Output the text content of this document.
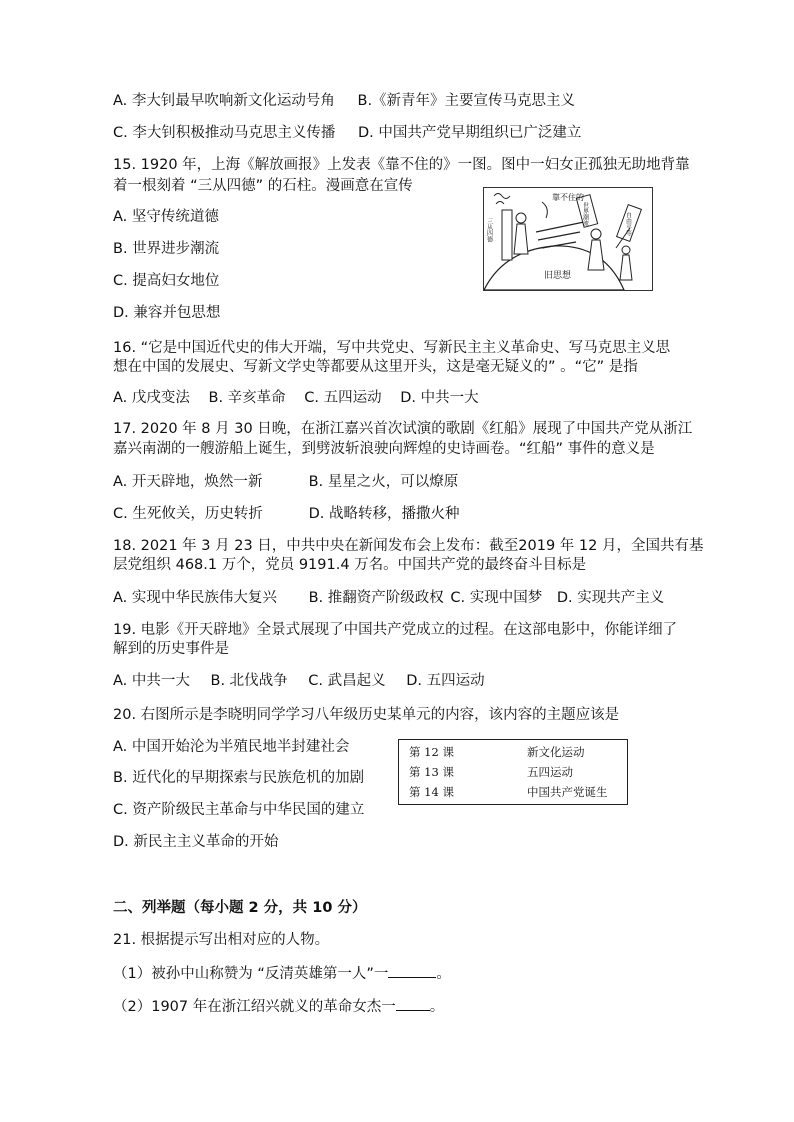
A. 李大钊最早吹响新文化运动号角 B.《新青年》主要宣传马克思主义
C. 李大钊积极推动马克思主义传播 D. 中国共产党早期组织已广泛建立
15. 1920 年，上海《解放画报》上发表《靠不住的》一图。图中一妇女正孤独无助地背靠
着一根刻着 “三从四德” 的石柱。漫画意在宣传
A. 坚守传统道德
B. 世界进步潮流
C. 提高妇女地位
D. 兼容并包思想
靠不住的
三从四德
世界潮流	自由平等
旧思想
16. “它是中国近代史的伟大开端，写中共党史、写新民主主义革命史、写马克思主义思
想在中国的发展史、写新文学史等都要从这里开头，这是毫无疑义的” 。“它” 是指
A. 戊戌变法 B. 辛亥革命 C. 五四运动 D. 中共一大
17. 2020 年 8 月 30 日晚，在浙江嘉兴首次试演的歌剧《红船》展现了中国共产党从浙江
嘉兴南湖的一艘游船上诞生，到劈波斩浪驶向辉煌的史诗画卷。“红船” 事件的意义是
A. 开天辟地，焕然一新	B. 星星之火，可以燎原
C. 生死攸关，历史转折	D. 战略转移，播撒火种
18. 2021 年 3 月 23 日，中共中央在新闻发布会上发布：截至2019 年 12 月，全国共有基
层党组织 468.1 万个，党员 9191.4 万名。中国共产党的最终奋斗目标是
A. 实现中华民族伟大复兴 B. 推翻资产阶级政权 C. 实现中国梦 D. 实现共产主义
19. 电影《开天辟地》全景式展现了中国共产党成立的过程。在这部电影中，你能详细了
解到的历史事件是
A. 中共一大 B. 北伐战争 C. 武昌起义 D. 五四运动
20. 右图所示是李晓明同学学习八年级历史某单元的内容，该内容的主题应该是
A. 中国开始沦为半殖民地半封建社会
B. 近代化的早期探索与民族危机的加剧
C. 资产阶级民主革命与中华民国的建立
D. 新民主主义革命的开始
第 12 课	新文化运动
第 13 课	五四运动
第 14 课	中国共产党诞生
二、列举题（每小题 2 分，共 10 分）
21. 根据提示写出相对应的人物。
（1）被孙中山称赞为 “反清英雄第一人”一	。
（2）1907 年在浙江绍兴就义的革命女杰一 。
